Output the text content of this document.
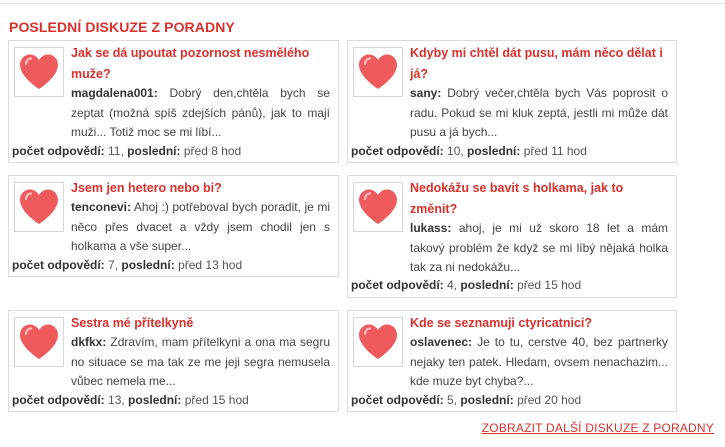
POSLEDNÍ DISKUZE Z PORADNY
Jak se dá upoutat pozornost nesmělého muže?
magdalena001: Dobrý den,chtěla bych se zeptat (možná spíš zdejších pánů), jak to mají muži... Totiž moc se mi líbí...
počet odpovědí: 11, poslední: před 8 hod
Kdyby mi chtěl dát pusu, mám něco dělat i já?
sany: Dobrý večer,chtěla bych Vás poprosit o radu. Pokud se mi kluk zeptá, jestli mi může dát pusu a já bych...
počet odpovědí: 10, poslední: před 11 hod
Jsem jen hetero nebo bi?
tenconevi: Ahoj :) potřeboval bych poradit, je mi něco přes dvacet a vždy jsem chodil jen s holkama a vše super...
počet odpovědí: 7, poslední: před 13 hod
Nedokážu se bavit s holkama, jak to změnit?
lukass: ahoj, je mi už skoro 18 let a mám takový problém že když se mi líbý nějaká holka tak za ni nedokážu...
počet odpovědí: 4, poslední: před 15 hod
Sestra mé přítelkyně
dkfkx: Zdravím, mam přítelkyni a ona ma segru no situace se ma tak ze me jeji segra nemusela vůbec nemela me...
počet odpovědí: 13, poslední: před 15 hod
Kde se seznamuji ctyricatnici?
oslavenec: Je to tu, cerstve 40, bez partnerky nejaky ten patek. Hledam, ovsem nenachazim... kde muze byt chyba?...
počet odpovědí: 5, poslední: před 20 hod
ZOBRAZIT DALŠÍ DISKUZE Z PORADNY
